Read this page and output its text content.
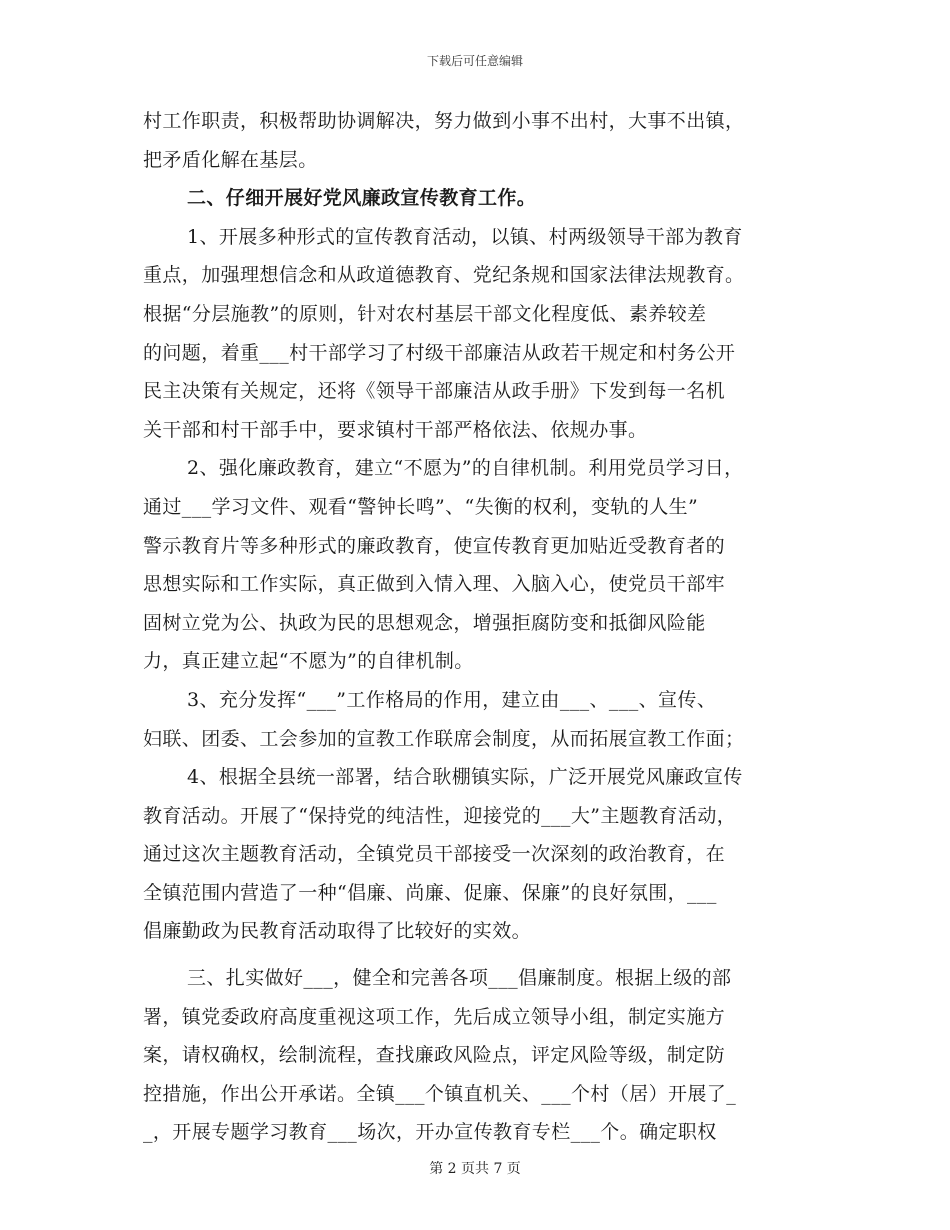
下载后可任意编辑
村工作职责，积极帮助协调解决，努力做到小事不出村，大事不出镇，
把矛盾化解在基层。
二、仔细开展好党风廉政宣传教育工作。
1、开展多种形式的宣传教育活动，以镇、村两级领导干部为教育
重点，加强理想信念和从政道德教育、党纪条规和国家法律法规教育。
根据“分层施教”的原则，针对农村基层干部文化程度低、素养较差
的问题，着重___村干部学习了村级干部廉洁从政若干规定和村务公开
民主决策有关规定，还将《领导干部廉洁从政手册》下发到每一名机
关干部和村干部手中，要求镇村干部严格依法、依规办事。
2、强化廉政教育，建立“不愿为”的自律机制。利用党员学习日，
通过___学习文件、观看“警钟长鸣”、“失衡的权利，变轨的人生”
警示教育片等多种形式的廉政教育，使宣传教育更加贴近受教育者的
思想实际和工作实际，真正做到入情入理、入脑入心，使党员干部牢
固树立党为公、执政为民的思想观念，增强拒腐防变和抵御风险能
力，真正建立起“不愿为”的自律机制。
3、充分发挥“___”工作格局的作用，建立由___、___、宣传、
妇联、团委、工会参加的宣教工作联席会制度，从而拓展宣教工作面；
4、根据全县统一部署，结合耿棚镇实际，广泛开展党风廉政宣传
教育活动。开展了“保持党的纯洁性，迎接党的___大”主题教育活动，
通过这次主题教育活动，全镇党员干部接受一次深刻的政治教育，在
全镇范围内营造了一种“倡廉、尚廉、促廉、保廉”的良好氛围，___
倡廉勤政为民教育活动取得了比较好的实效。
三、扎实做好___，健全和完善各项___倡廉制度。根据上级的部
署，镇党委政府高度重视这项工作，先后成立领导小组，制定实施方
案，请权确权，绘制流程，查找廉政风险点，评定风险等级，制定防
控措施，作出公开承诺。全镇___个镇直机关、___个村（居）开展了_
_，开展专题学习教育___场次，开办宣传教育专栏___个。确定职权
第 2 页共 7 页
